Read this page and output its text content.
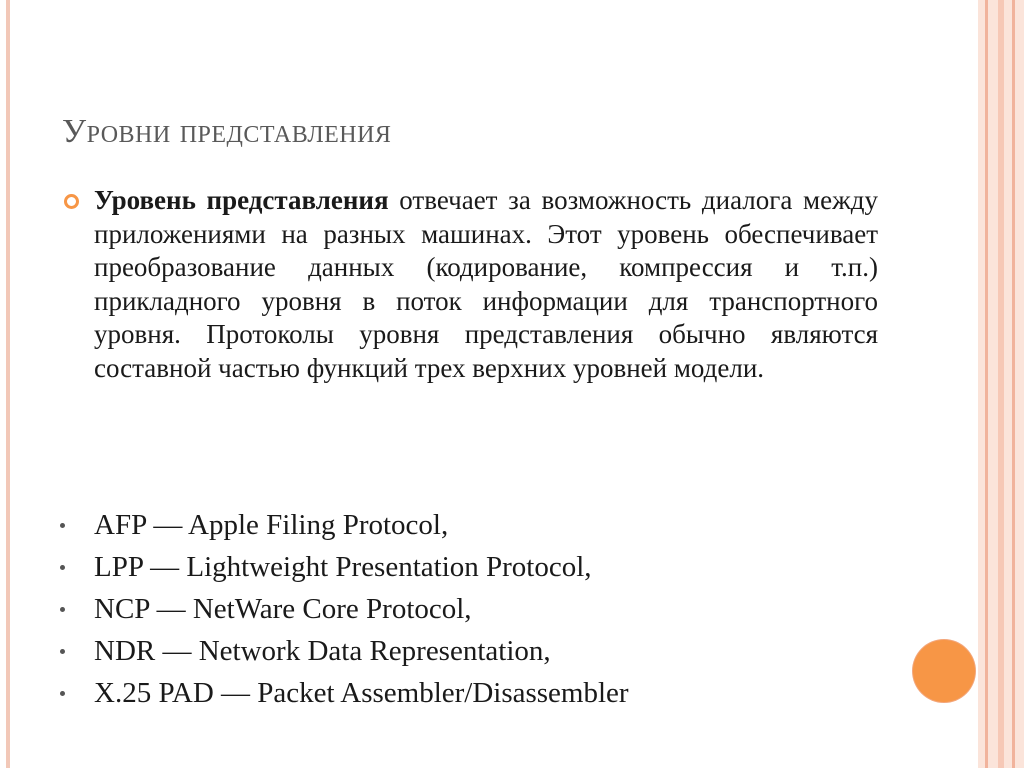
Уровни представления
Уровень представления отвечает за возможность диалога между приложениями на разных машинах. Этот уровень обеспечивает преобразование данных (кодирование, компрессия и т.п.) прикладного уровня в поток информации для транспортного уровня. Протоколы уровня представления обычно являются составной частью функций трех верхних уровней модели.
AFP — Apple Filing Protocol,
LPP — Lightweight Presentation Protocol,
NCP — NetWare Core Protocol,
NDR — Network Data Representation,
X.25 PAD — Packet Assembler/Disassembler
